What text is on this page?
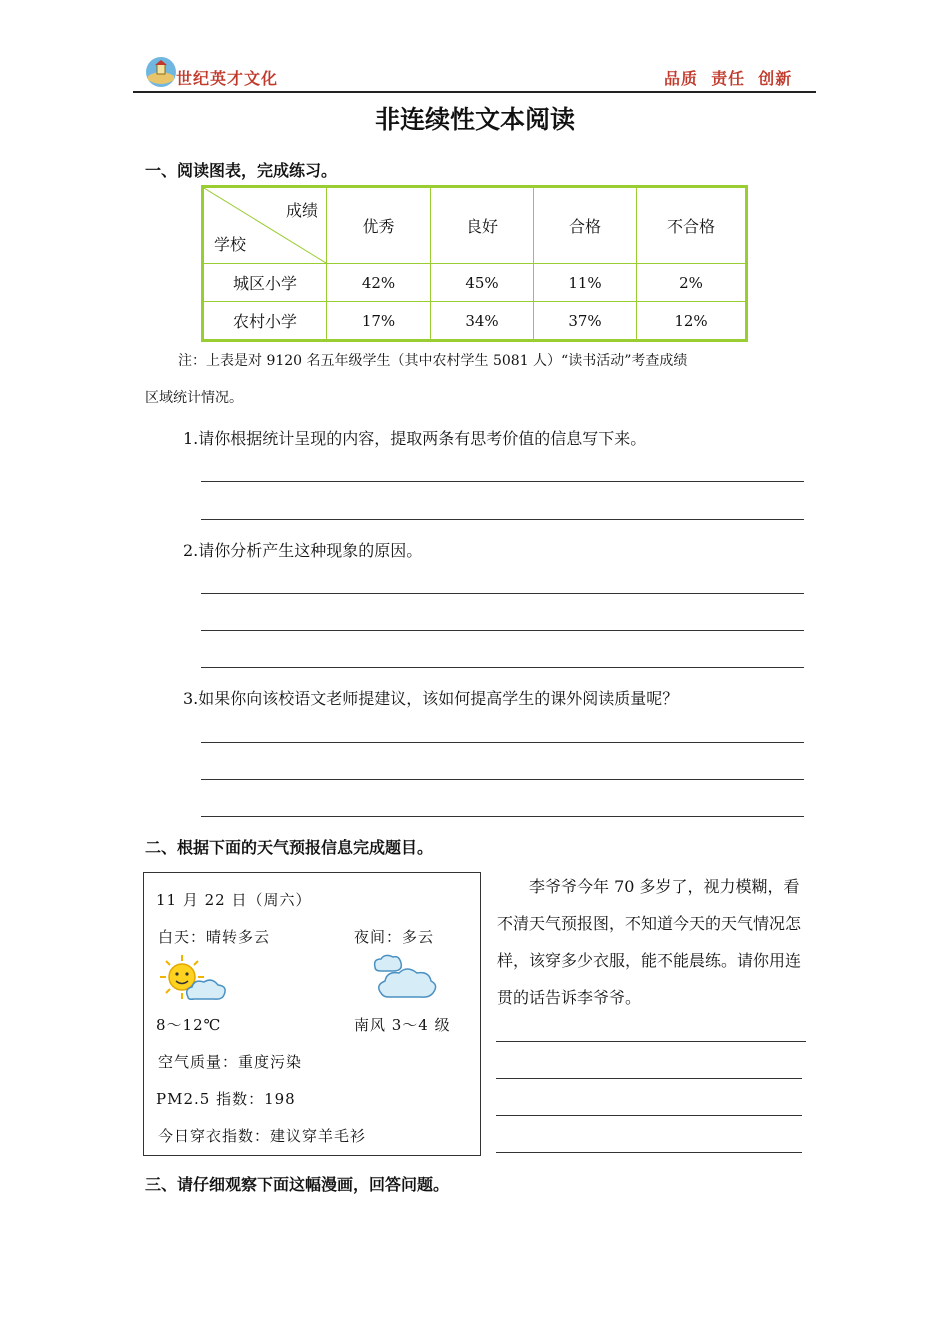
世纪英才文化	品质  责任  创新
非连续性文本阅读
一、阅读图表，完成练习。
成绩
学校	优秀	良好	合格	不合格
城区小学	42%	45%	11%	2%
农村小学	17%	34%	37%	12%
注：上表是对 9120 名五年级学生（其中农村学生 5081 人）“读书活动”考查成绩
区域统计情况。
1.请你根据统计呈现的内容，提取两条有思考价值的信息写下来。
2.请你分析产生这种现象的原因。
3.如果你向该校语文老师提建议，该如何提高学生的课外阅读质量呢？
二、根据下面的天气预报信息完成题目。
11 月 22 日（周六）
白天：晴转多云	夜间：多云
8～12℃	南风 3～4 级
空气质量：重度污染
PM2.5 指数：198
今日穿衣指数：建议穿羊毛衫
李爷爷今年 70 多岁了，视力模糊，看不清天气预报图，不知道今天的天气情况怎样，该穿多少衣服，能不能晨练。请你用连贯的话告诉李爷爷。
三、请仔细观察下面这幅漫画，回答问题。
